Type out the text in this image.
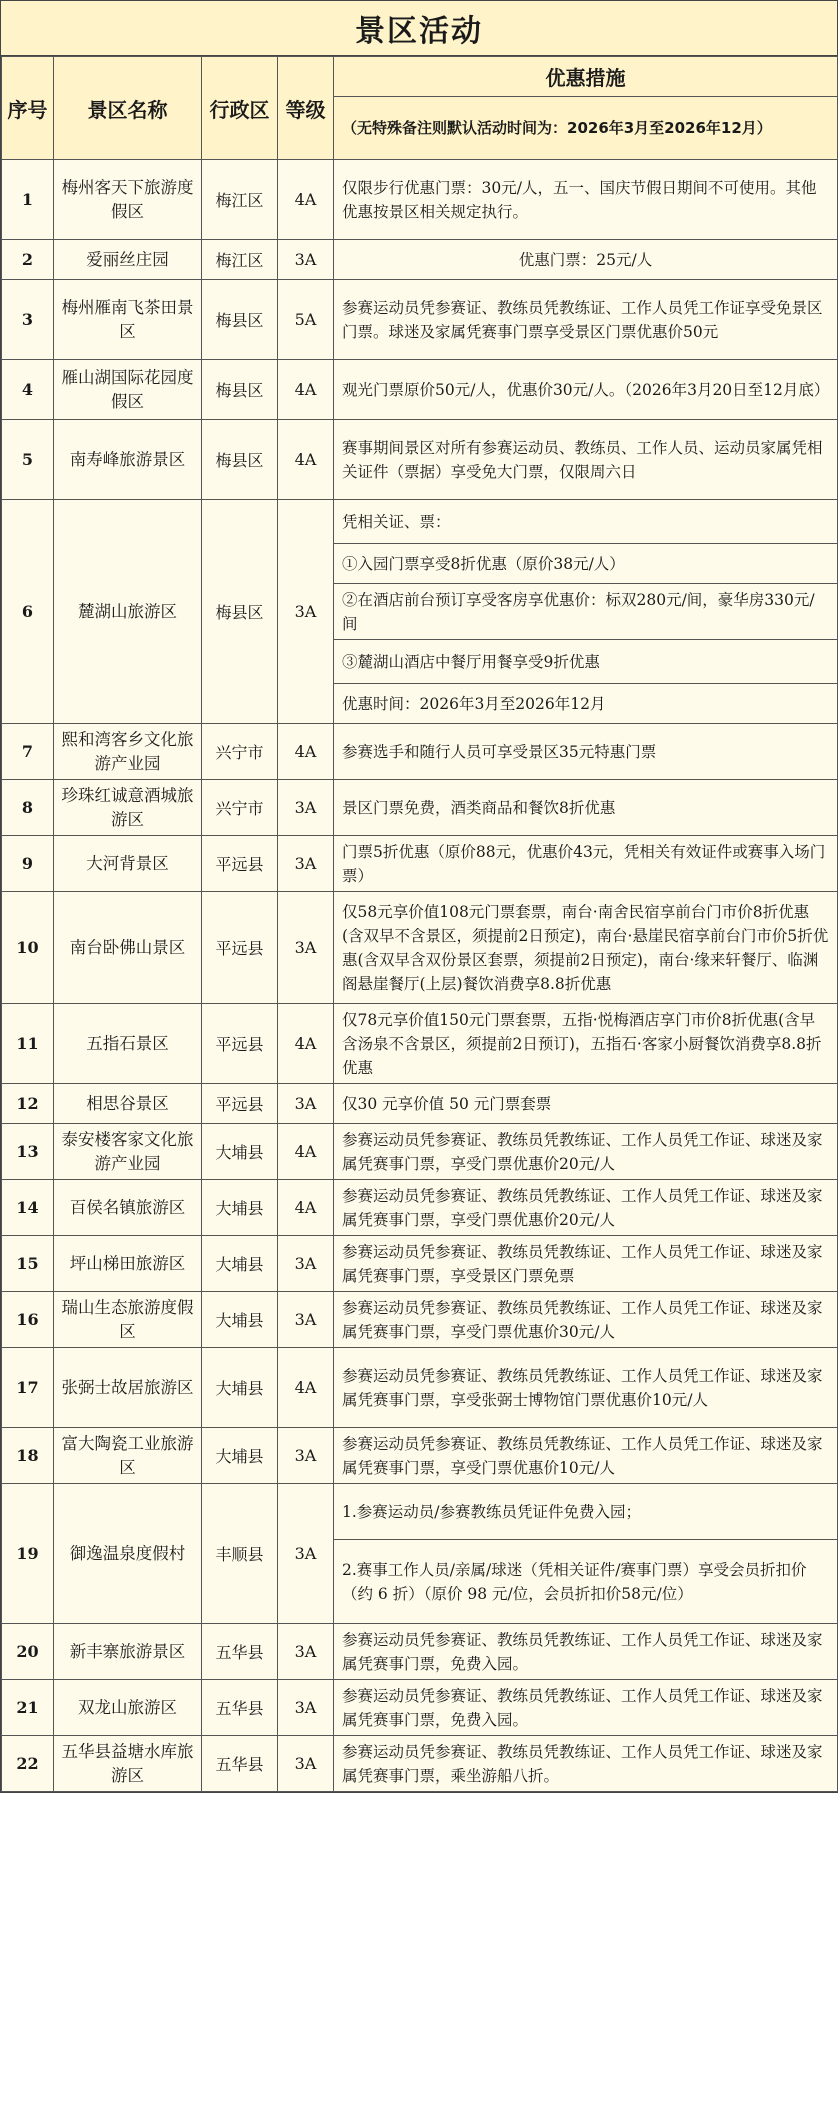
景区活动
序号	景区名称	行政区	等级	优惠措施
				（无特殊备注则默认活动时间为：2026年3月至2026年12月）
1	梅州客天下旅游度假区	梅江区	4A	仅限步行优惠门票：30元/人，五一、国庆节假日期间不可使用。其他优惠按景区相关规定执行。
2	爱丽丝庄园	梅江区	3A	优惠门票：25元/人
3	梅州雁南飞茶田景区	梅县区	5A	参赛运动员凭参赛证、教练员凭教练证、工作人员凭工作证享受免景区门票。球迷及家属凭赛事门票享受景区门票优惠价50元
4	雁山湖国际花园度假区	梅县区	4A	观光门票原价50元/人，优惠价30元/人。（2026年3月20日至12月底）
5	南寿峰旅游景区	梅县区	4A	赛事期间景区对所有参赛运动员、教练员、工作人员、运动员家属凭相关证件（票据）享受免大门票，仅限周六日
6	麓湖山旅游区	梅县区	3A	凭相关证、票：
				①入园门票享受8折优惠（原价38元/人）
				②在酒店前台预订享受客房享优惠价：标双280元/间，豪华房330元/间
				③麓湖山酒店中餐厅用餐享受9折优惠
				优惠时间：2026年3月至2026年12月
7	熙和湾客乡文化旅游产业园	兴宁市	4A	参赛选手和随行人员可享受景区35元特惠门票
8	珍珠红诚意酒城旅游区	兴宁市	3A	景区门票免费，酒类商品和餐饮8折优惠
9	大河背景区	平远县	3A	门票5折优惠（原价88元，优惠价43元，凭相关有效证件或赛事入场门票）
10	南台卧佛山景区	平远县	3A	仅58元享价值108元门票套票，南台·南舍民宿享前台门市价8折优惠(含双早不含景区，须提前2日预定)，南台·悬崖民宿享前台门市价5折优惠(含双早含双份景区套票，须提前2日预定)，南台·缘来轩餐厅、临渊阁悬崖餐厅(上层)餐饮消费享8.8折优惠
11	五指石景区	平远县	4A	仅78元享价值150元门票套票，五指·悦梅酒店享门市价8折优惠(含早含汤泉不含景区，须提前2日预订)，五指石·客家小厨餐饮消费享8.8折优惠
12	相思谷景区	平远县	3A	仅30 元享价值 50 元门票套票
13	泰安楼客家文化旅游产业园	大埔县	4A	参赛运动员凭参赛证、教练员凭教练证、工作人员凭工作证、球迷及家属凭赛事门票，享受门票优惠价20元/人
14	百侯名镇旅游区	大埔县	4A	参赛运动员凭参赛证、教练员凭教练证、工作人员凭工作证、球迷及家属凭赛事门票，享受门票优惠价20元/人
15	坪山梯田旅游区	大埔县	3A	参赛运动员凭参赛证、教练员凭教练证、工作人员凭工作证、球迷及家属凭赛事门票，享受景区门票免票
16	瑞山生态旅游度假区	大埔县	3A	参赛运动员凭参赛证、教练员凭教练证、工作人员凭工作证、球迷及家属凭赛事门票，享受门票优惠价30元/人
17	张弼士故居旅游区	大埔县	4A	参赛运动员凭参赛证、教练员凭教练证、工作人员凭工作证、球迷及家属凭赛事门票，享受张弼士博物馆门票优惠价10元/人
18	富大陶瓷工业旅游区	大埔县	3A	参赛运动员凭参赛证、教练员凭教练证、工作人员凭工作证、球迷及家属凭赛事门票，享受门票优惠价10元/人
19	御逸温泉度假村	丰顺县	3A	1.参赛运动员/参赛教练员凭证件免费入园；
				2.赛事工作人员/亲属/球迷（凭相关证件/赛事门票）享受会员折扣价（约 6 折）（原价 98 元/位，会员折扣价58元/位）
20	新丰寨旅游景区	五华县	3A	参赛运动员凭参赛证、教练员凭教练证、工作人员凭工作证、球迷及家属凭赛事门票，免费入园。
21	双龙山旅游区	五华县	3A	参赛运动员凭参赛证、教练员凭教练证、工作人员凭工作证、球迷及家属凭赛事门票，免费入园。
22	五华县益塘水库旅游区	五华县	3A	参赛运动员凭参赛证、教练员凭教练证、工作人员凭工作证、球迷及家属凭赛事门票，乘坐游船八折。
